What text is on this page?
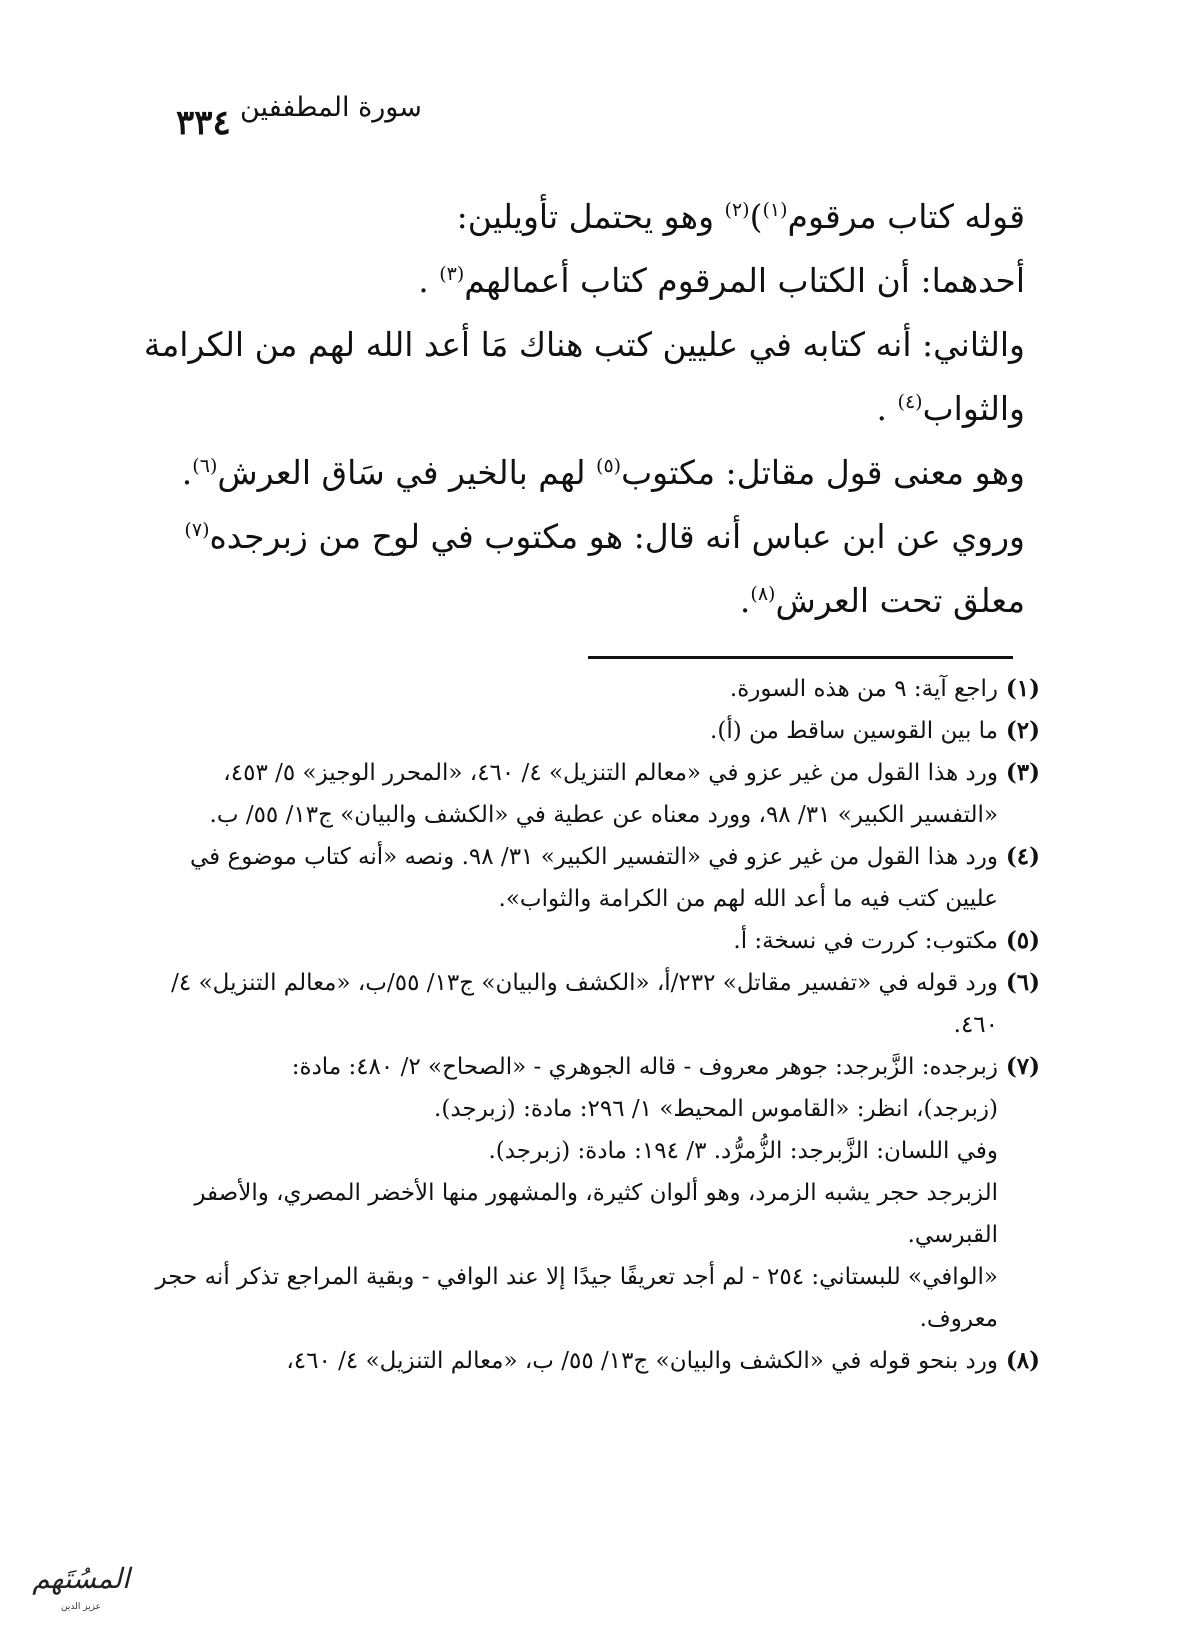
٣٣٤ سورة المطففين

قوله كتاب مرقوم$^{(١)}$)$^{(٢)}$ وهو يحتمل تأويلين:

أحدهما: أن الكتاب المرقوم كتاب أعمالهم$^{(٣)}$ .

والثاني: أنه كتابه في عليين كتب هناك مَا أعد الله لهم من الكرامة والثواب$^{(٤)}$ .

وهو معنى قول مقاتل: مكتوب$^{(٥)}$ لهم بالخير في سَاق العرش$^{(٦)}$.

وروي عن ابن عباس أنه قال: هو مكتوب في لوح من زبرجده$^{(٧)}$ معلق تحت العرش$^{(٨)}$.

(١)
راجع آية: ٩ من هذه السورة.
(٢)
ما بين القوسين ساقط من (أ).
(٣)
ورد هذا القول من غير عزو في «معالم التنزيل» ٤/ ٤٦٠، «المحرر الوجيز» ٥/ ٤٥٣، «التفسير الكبير» ٣١/ ٩٨، وورد معناه عن عطية في «الكشف والبيان» ج١٣/ ٥٥/ ب.
(٤)
ورد هذا القول من غير عزو في «التفسير الكبير» ٣١/ ٩٨. ونصه «أنه كتاب موضوع في عليين كتب فيه ما أعد الله لهم من الكرامة والثواب».
(٥)
مكتوب: كررت في نسخة: أ.
(٦)
ورد قوله في «تفسير مقاتل» ٢٣٢/أ، «الكشف والبيان» ج١٣/ ٥٥/ب، «معالم التنزيل» ٤/ ٤٦٠.
(٧)
زبرجده: الزَّبرجد: جوهر معروف - قاله الجوهري - «الصحاح» ٢/ ٤٨٠: مادة:
(زبرجد)، انظر: «القاموس المحيط» ١/ ٢٩٦: مادة: (زبرجد).
وفي اللسان: الزَّبرجد: الزُّمرُّد. ٣/ ١٩٤: مادة: (زبرجد).
الزبرجد حجر يشبه الزمرد، وهو ألوان كثيرة، والمشهور منها الأخضر المصري، والأصفر القبرسي.
«الوافي» للبستاني: ٢٥٤ - لم أجد تعريفًا جيدًا إلا عند الوافي - وبقية المراجع تذكر أنه حجر معروف.
(٨)
ورد بنحو قوله في «الكشف والبيان» ج١٣/ ٥٥/ ب، «معالم التنزيل» ٤/ ٤٦٠،
المسُتَهم
عزيز الدين
